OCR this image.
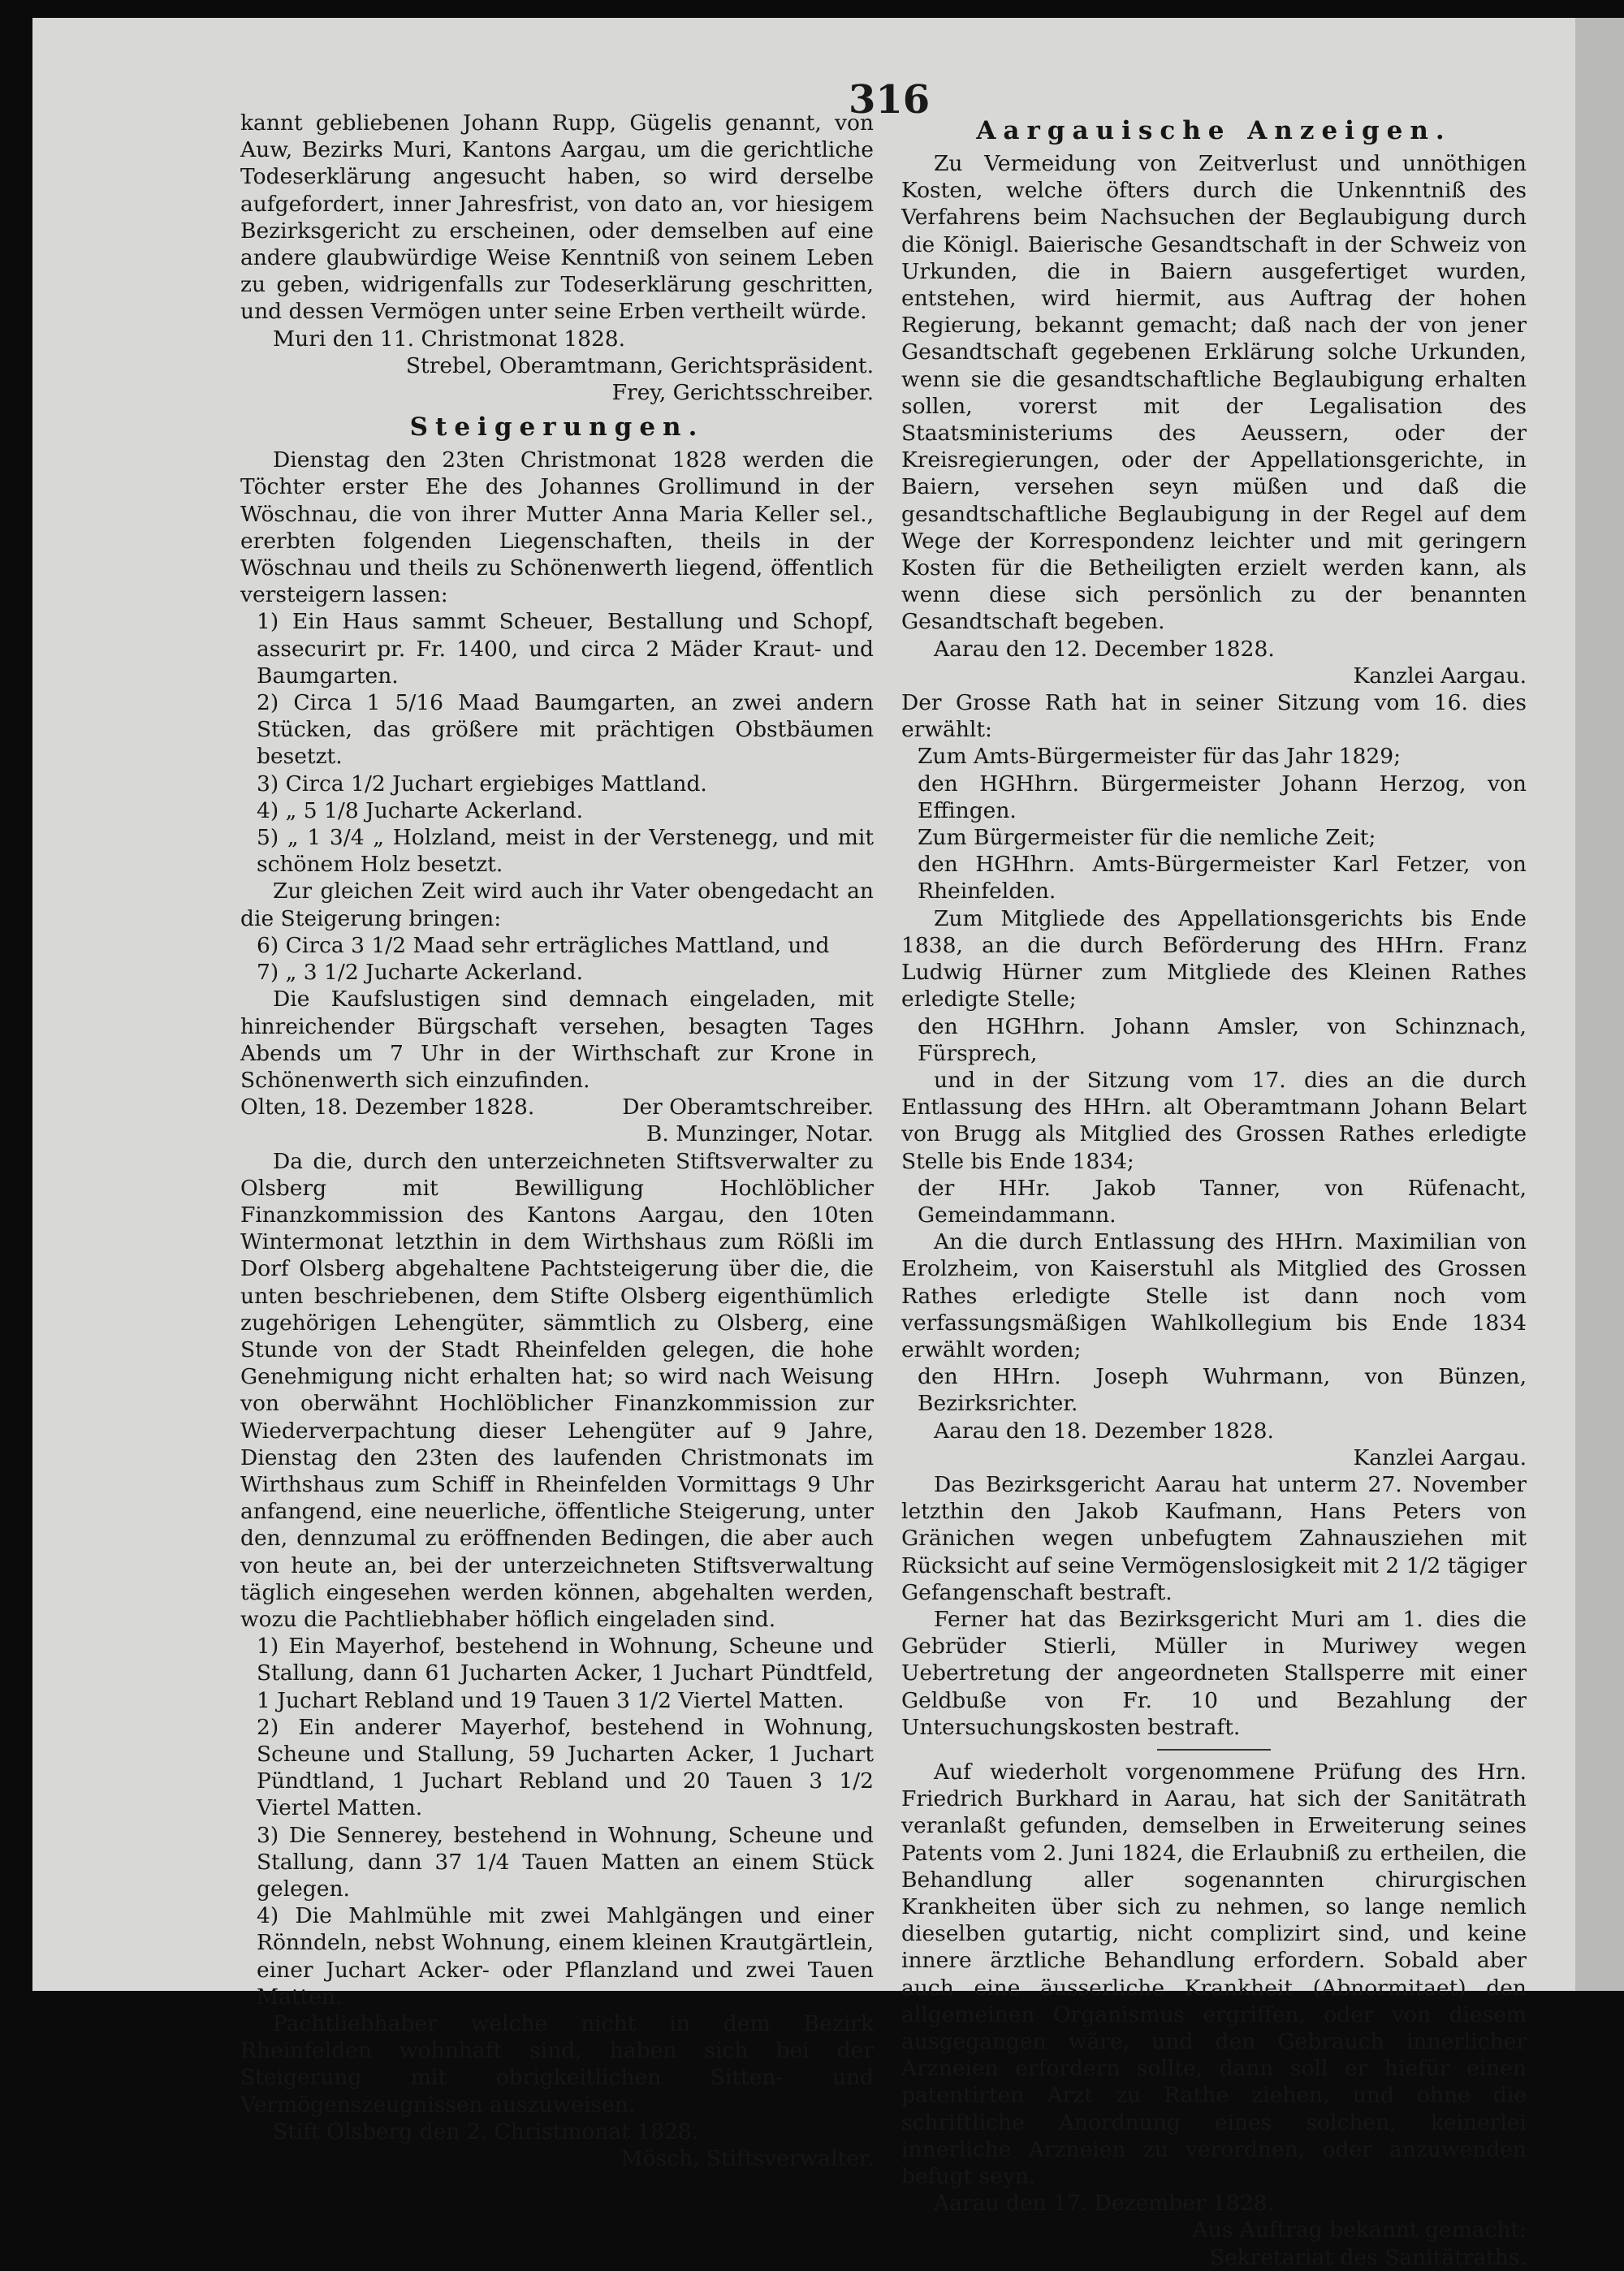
316

kannt gebliebenen Johann Rupp, Gügelis genannt, von Auw, Bezirks Muri, Kantons Aargau, um die gerichtliche Todeserklärung angesucht haben, so wird derselbe aufgefordert, inner Jahresfrist, von dato an, vor hiesigem Bezirksgericht zu erscheinen, oder demselben auf eine andere glaubwürdige Weise Kenntniß von seinem Leben zu geben, widrigenfalls zur Todeserklärung geschritten, und dessen Vermögen unter seine Erben vertheilt würde.

Muri den 11. Christmonat 1828.

Strebel, Oberamtmann, Gerichtspräsident.

Frey, Gerichtsschreiber.

Steigerungen.

Dienstag den 23ten Christmonat 1828 werden die Töchter erster Ehe des Johannes Grollimund in der Wöschnau, die von ihrer Mutter Anna Maria Keller sel., ererbten folgenden Liegenschaften, theils in der Wöschnau und theils zu Schönenwerth liegend, öffentlich versteigern lassen:

1) Ein Haus sammt Scheuer, Bestallung und Schopf, assecurirt pr. Fr. 1400, und circa 2 Mäder Kraut- und Baumgarten.

2) Circa 1 5/16 Maad Baumgarten, an zwei andern Stücken, das größere mit prächtigen Obstbäumen besetzt.

3) Circa 1/2 Juchart ergiebiges Mattland.

4) „ 5 1/8 Jucharte Ackerland.

5) „ 1 3/4 „ Holzland, meist in der Verstenegg, und mit schönem Holz besetzt.

Zur gleichen Zeit wird auch ihr Vater obengedacht an die Steigerung bringen:

6) Circa 3 1/2 Maad sehr erträgliches Mattland, und

7) „ 3 1/2 Jucharte Ackerland.

Die Kaufslustigen sind demnach eingeladen, mit hinreichender Bürgschaft versehen, besagten Tages Abends um 7 Uhr in der Wirthschaft zur Krone in Schönenwerth sich einzufinden.

Olten, 18. Dezember 1828.	Der Oberamtschreiber.

B. Munzinger, Notar.

Da die, durch den unterzeichneten Stiftsverwalter zu Olsberg mit Bewilligung Hochlöblicher Finanzkommission des Kantons Aargau, den 10ten Wintermonat letzthin in dem Wirthshaus zum Rößli im Dorf Olsberg abgehaltene Pachtsteigerung über die, die unten beschriebenen, dem Stifte Olsberg eigenthümlich zugehörigen Lehengüter, sämmtlich zu Olsberg, eine Stunde von der Stadt Rheinfelden gelegen, die hohe Genehmigung nicht erhalten hat; so wird nach Weisung von oberwähnt Hochlöblicher Finanzkommission zur Wiederverpachtung dieser Lehengüter auf 9 Jahre, Dienstag den 23ten des laufenden Christmonats im Wirthshaus zum Schiff in Rheinfelden Vormittags 9 Uhr anfangend, eine neuerliche, öffentliche Steigerung, unter den, dennzumal zu eröffnenden Bedingen, die aber auch von heute an, bei der unterzeichneten Stiftsverwaltung täglich eingesehen werden können, abgehalten werden, wozu die Pachtliebhaber höflich eingeladen sind.

1) Ein Mayerhof, bestehend in Wohnung, Scheune und Stallung, dann 61 Jucharten Acker, 1 Juchart Pündtfeld, 1 Juchart Rebland und 19 Tauen 3 1/2 Viertel Matten.

2) Ein anderer Mayerhof, bestehend in Wohnung, Scheune und Stallung, 59 Jucharten Acker, 1 Juchart Pündtland, 1 Juchart Rebland und 20 Tauen 3 1/2 Viertel Matten.

3) Die Sennerey, bestehend in Wohnung, Scheune und Stallung, dann 37 1/4 Tauen Matten an einem Stück gelegen.

4) Die Mahlmühle mit zwei Mahlgängen und einer Rönndeln, nebst Wohnung, einem kleinen Krautgärtlein, einer Juchart Acker- oder Pflanzland und zwei Tauen Matten.

Pachtliebhaber welche nicht in dem Bezirk Rheinfelden wohnhaft sind, haben sich bei der Steigerung mit obrigkeitlichen Sitten- und Vermögenszeugnissen auszuweisen.

Stift Olsberg den 2. Christmonat 1828.

Mösch, Stiftsverwalter.

Aargauische Anzeigen.

Zu Vermeidung von Zeitverlust und unnöthigen Kosten, welche öfters durch die Unkenntniß des Verfahrens beim Nachsuchen der Beglaubigung durch die Königl. Baierische Gesandtschaft in der Schweiz von Urkunden, die in Baiern ausgefertiget wurden, entstehen, wird hiermit, aus Auftrag der hohen Regierung, bekannt gemacht; daß nach der von jener Gesandtschaft gegebenen Erklärung solche Urkunden, wenn sie die gesandtschaftliche Beglaubigung erhalten sollen, vorerst mit der Legalisation des Staatsministeriums des Aeussern, oder der Kreisregierungen, oder der Appellationsgerichte, in Baiern, versehen seyn müßen und daß die gesandtschaftliche Beglaubigung in der Regel auf dem Wege der Korrespondenz leichter und mit geringern Kosten für die Betheiligten erzielt werden kann, als wenn diese sich persönlich zu der benannten Gesandtschaft begeben.

Aarau den 12. December 1828.

Kanzlei Aargau.

Der Grosse Rath hat in seiner Sitzung vom 16. dies erwählt:

Zum Amts-Bürgermeister für das Jahr 1829;

den HGHhrn. Bürgermeister Johann Herzog, von Effingen.

Zum Bürgermeister für die nemliche Zeit;

den HGHhrn. Amts-Bürgermeister Karl Fetzer, von Rheinfelden.

Zum Mitgliede des Appellationsgerichts bis Ende 1838, an die durch Beförderung des HHrn. Franz Ludwig Hürner zum Mitgliede des Kleinen Rathes erledigte Stelle;

den HGHhrn. Johann Amsler, von Schinznach, Fürsprech,

und in der Sitzung vom 17. dies an die durch Entlassung des HHrn. alt Oberamtmann Johann Belart von Brugg als Mitglied des Grossen Rathes erledigte Stelle bis Ende 1834;

der HHr. Jakob Tanner, von Rüfenacht, Gemeindammann.

An die durch Entlassung des HHrn. Maximilian von Erolzheim, von Kaiserstuhl als Mitglied des Grossen Rathes erledigte Stelle ist dann noch vom verfassungsmäßigen Wahlkollegium bis Ende 1834 erwählt worden;

den HHrn. Joseph Wuhrmann, von Bünzen, Bezirksrichter.

Aarau den 18. Dezember 1828.

Kanzlei Aargau.

Das Bezirksgericht Aarau hat unterm 27. November letzthin den Jakob Kaufmann, Hans Peters von Gränichen wegen unbefugtem Zahnausziehen mit Rücksicht auf seine Vermögenslosigkeit mit 2 1/2 tägiger Gefangenschaft bestraft.

Ferner hat das Bezirksgericht Muri am 1. dies die Gebrüder Stierli, Müller in Muriwey wegen Uebertretung der angeordneten Stallsperre mit einer Geldbuße von Fr. 10 und Bezahlung der Untersuchungskosten bestraft.

Auf wiederholt vorgenommene Prüfung des Hrn. Friedrich Burkhard in Aarau, hat sich der Sanitätrath veranlaßt gefunden, demselben in Erweiterung seines Patents vom 2. Juni 1824, die Erlaubniß zu ertheilen, die Behandlung aller sogenannten chirurgischen Krankheiten über sich zu nehmen, so lange nemlich dieselben gutartig, nicht complizirt sind, und keine innere ärztliche Behandlung erfordern. Sobald aber auch eine äusserliche Krankheit (Abnormitaet) den allgemeinen Organismus ergriffen, oder von diesem ausgegangen wäre, und den Gebrauch innerlicher Arzneien erfordern sollte, dann soll er hiefür einen patentirten Arzt zu Rathe ziehen, und ohne die schriftliche Anordnung eines solchen, keinerlei innerliche Arzneien zu verordnen, oder anzuwenden befugt seyn.

Aarau den 17. Dezember 1828.

Aus Auftrag bekannt gemacht:

Sekretariat des Sanitätraths.
